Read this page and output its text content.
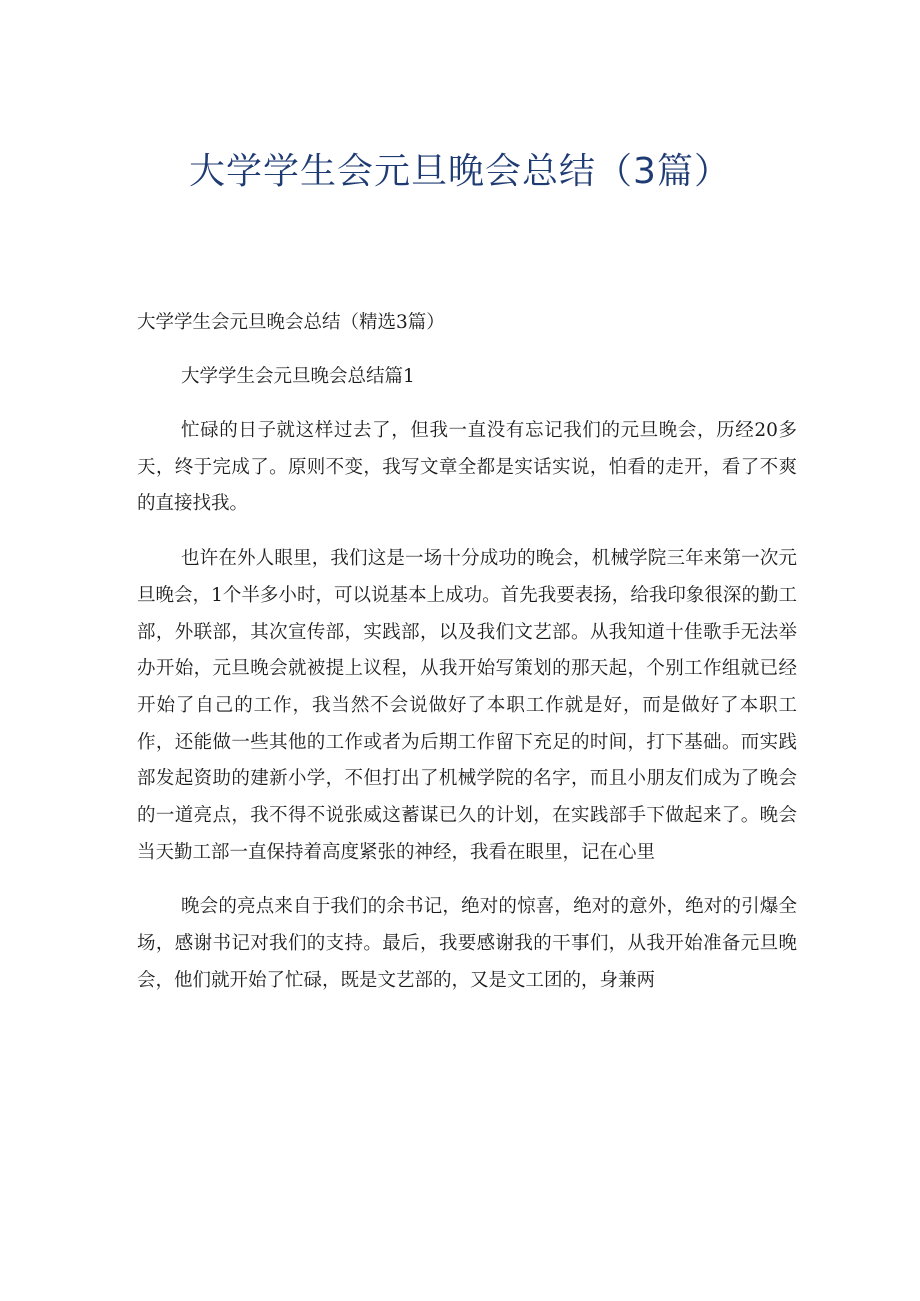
大学学生会元旦晚会总结（3篇）

大学学生会元旦晚会总结（精选3篇）

大学学生会元旦晚会总结篇1

忙碌的日子就这样过去了，但我一直没有忘记我们的元旦晚会，历经20多天，终于完成了。原则不变，我写文章全都是实话实说，怕看的走开，看了不爽的直接找我。

也许在外人眼里，我们这是一场十分成功的晚会，机械学院三年来第一次元旦晚会，1个半多小时，可以说基本上成功。首先我要表扬，给我印象很深的勤工部，外联部，其次宣传部，实践部，以及我们文艺部。从我知道十佳歌手无法举办开始，元旦晚会就被提上议程，从我开始写策划的那天起，个别工作组就已经开始了自己的工作，我当然不会说做好了本职工作就是好，而是做好了本职工作，还能做一些其他的工作或者为后期工作留下充足的时间，打下基础。而实践部发起资助的建新小学，不但打出了机械学院的名字，而且小朋友们成为了晚会的一道亮点，我不得不说张威这蓄谋已久的计划，在实践部手下做起来了。晚会当天勤工部一直保持着高度紧张的神经，我看在眼里，记在心里

晚会的亮点来自于我们的余书记，绝对的惊喜，绝对的意外，绝对的引爆全场，感谢书记对我们的支持。最后，我要感谢我的干事们，从我开始准备元旦晚会，他们就开始了忙碌，既是文艺部的，又是文工团的，身兼两
